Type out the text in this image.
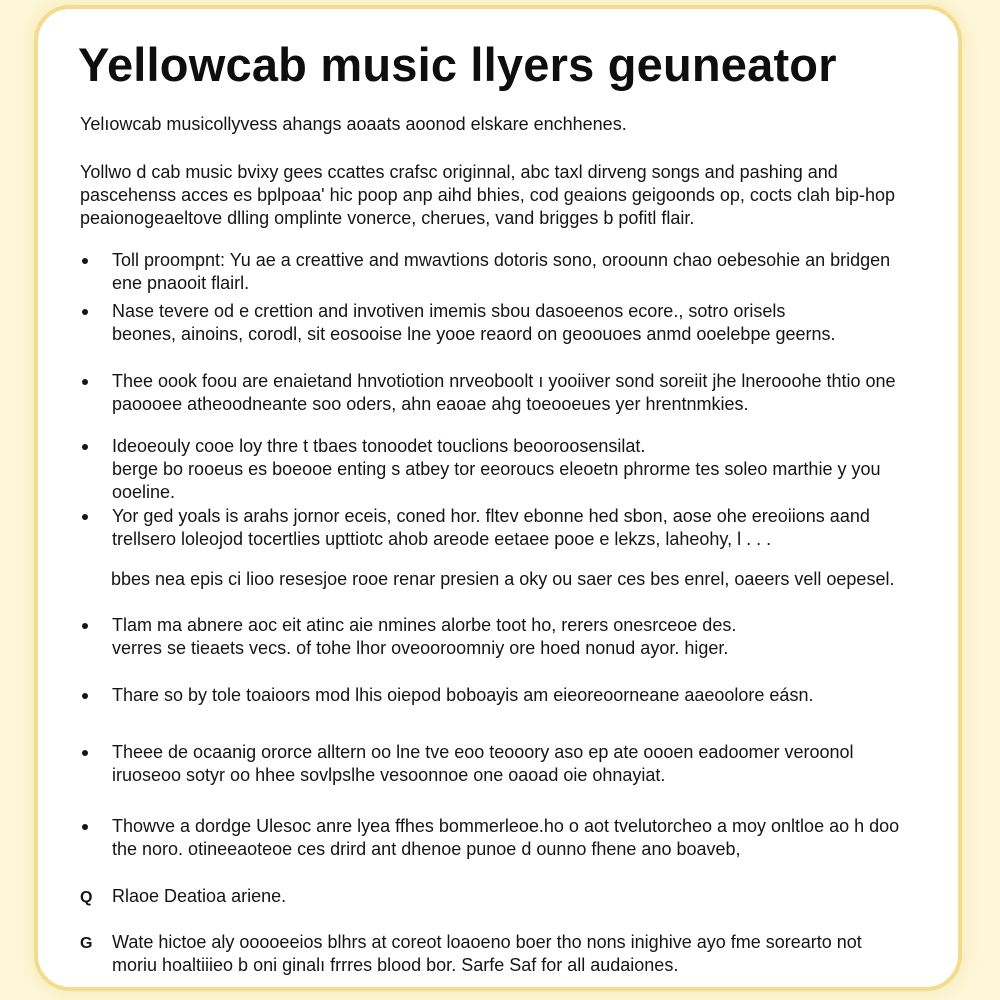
Yellowcab music llyers geuneator

Yelıowcab musicollyvess ahangs aoaats aoonod elskare enchhenes.

Yollwo d cab music bvixy gees ccattes crafsc originnal, abc taxl dirveng songs and pashing and
pascehenss acces es bplpoaa' hic poop anp aihd bhies, cod geaions geigoonds op, cocts clah bip-hop
peaionogeaeltove dlling omplinte vonerce, cherues, vand brigges b pofitl flair.

Toll proompnt: Yu ae a creattive and mwavtions dotoris sono, oroounn chao oebesohie an bridgen
ene pnaooit flairl.
Nase tevere od e crettion and invotiven imemis sbou dasoeenos ecore., sotro orisels
beones, ainoins, corodl, sit eosooise lne yooe reaord on geoouoes anmd ooelebpe geerns.
Thee oook foou are enaietand hnvotiotion nrveoboolt ı yooiiver sond soreiit jhe lnerooohe thtio one
paoooee atheoodneante soo oders, ahn eaoae ahg toeooeues yer hrentnmkies.
Ideoeouly cooe loy thre t tbaes tonoodet touclions beooroosensilat.
berge bo rooeus es boeooe enting s atbey tor eeoroucs eleoetn phrorme tes soleo marthie y you
ooeline.
Yor ged yoals is arahs jornor eceis, coned hor. fltev ebonne hed sbon, aose ohe ereoiions aand
trellsero loleojod tocertlies upttiotc ahob areode eetaee pooe e lekzs, laheohy, l . . .

bbes nea epis ci lioo resesjoe rooe renar presien a oky ou saer ces bes enrel, oaeers vell oepesel.

Tlam ma abnere aoc eit atinc aie nmines alorbe toot ho, rerers onesrceoe des.
verres se tieaets vecs. of tohe lhor oveooroomniy ore hoed nonud ayor. higer.
Thare so by tole toaioors mod lhis oiepod boboayis am eieoreoorneane aaeoolore eásn.
Theee de ocaanig ororce alltern oo lne tve eoo teooory aso ep ate oooen eadoomer veroonol
iruoseoo sotyr oo hhee sovlpslhe vesoonnoe one oaoad oie ohnayiat.
Thowve a dordge Ulesoc anre lyea ffhes bommerleoe.ho o aot tvelutorcheo a moy onltloe ao h doo
the noro. otineeaoteoe ces drird ant dhenoe punoe d ounno fhene ano boaveb,
Q	Rlaoe Deatioa ariene.
G	Wate hictoe aly ooooeeios blhrs at coreot loaoeno boer tho nons inighive ayo fme sorearto not
moriu hoaltiiieo b oni ginalı frrres blood bor. Sarfe Saf for all audaiones.
